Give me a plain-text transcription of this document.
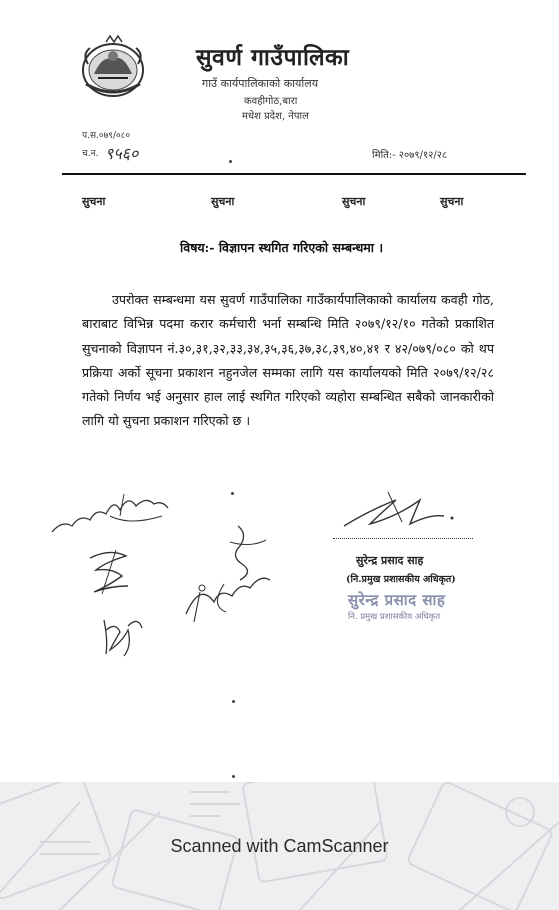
सुवर्ण गाउँपालिका
गाउँ कार्यपालिकाको कार्यालय
कवहीगोठ,बारा
मधेश प्रदेश, नेपाल
प.स.०७९/०८०
च.न. ९५६०	मिति:- २०७९/१२/२८
सुचना	सुचना	सुचना	सुचना
विषय:- विज्ञापन स्थगित गरिएको सम्बन्धमा ।
उपरोक्त सम्बन्धमा यस सुवर्ण गाउँपालिका गाउँकार्यपालिकाको कार्यालय कवही गोठ, बाराबाट विभिन्न पदमा करार कर्मचारी भर्ना सम्बन्धि मिति २०७९/१२/१० गतेको प्रकाशित सुचनाको विज्ञापन नं.३०,३१,३२,३३,३४,३५,३६,३७,३८,३९,४०,४१ र ४२/०७९/०८० को थप प्रक्रिया अर्को सूचना प्रकाशन नहुनजेल सम्मका लागि यस कार्यालयको मिति २०७९/१२/२८ गतेको निर्णय भई अनुसार हाल लाई स्थगित गरिएको व्यहोरा सम्बन्धित सबैको जानकारीको लागि यो सुचना प्रकाशन गरिएको छ ।
सुरेन्द्र प्रसाद साह
(नि.प्रमुख प्रशासकीय अधिकृत)
सुरेन्द्र प्रसाद साह
नि. प्रमुख प्रशासकीय अधिकृत
Scanned with CamScanner
